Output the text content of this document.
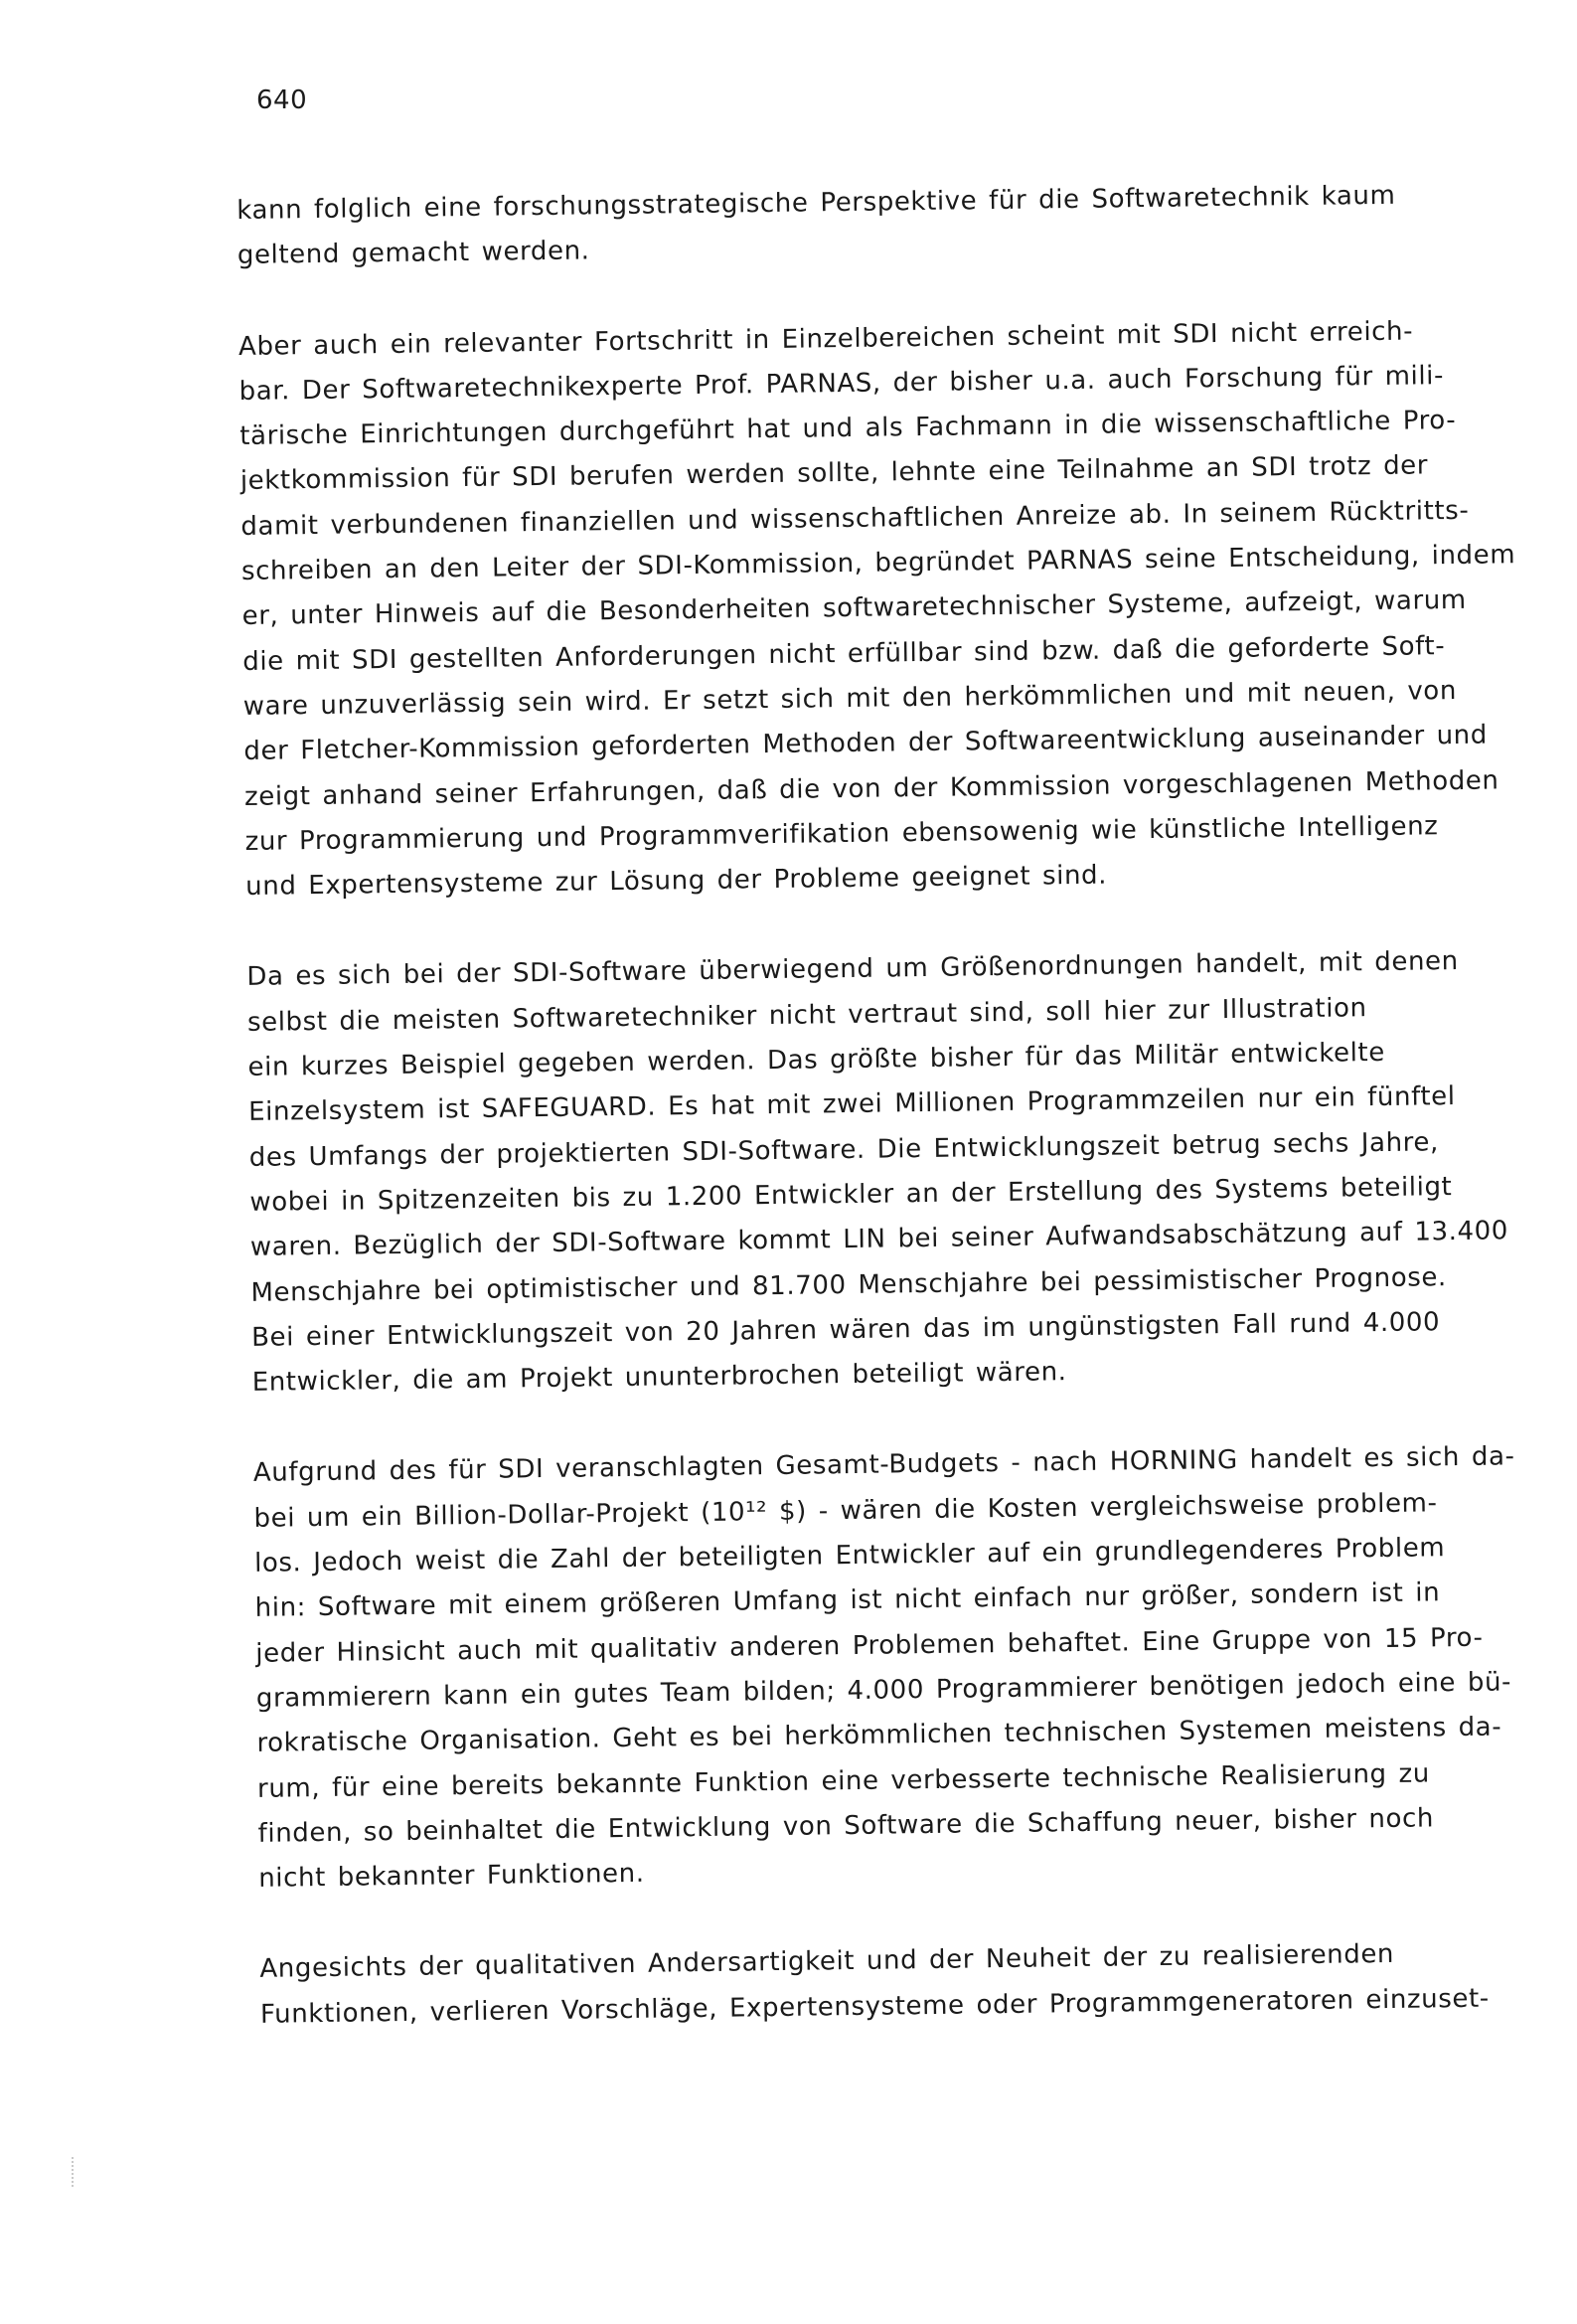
640
kann folglich eine forschungsstrategische Perspektive für die Softwaretechnik kaum
geltend gemacht werden.
Aber auch ein relevanter Fortschritt in Einzelbereichen scheint mit SDI nicht erreich-
bar. Der Softwaretechnikexperte Prof. PARNAS, der bisher u.a. auch Forschung für mili-
tärische Einrichtungen durchgeführt hat und als Fachmann in die wissenschaftliche Pro-
jektkommission für SDI berufen werden sollte, lehnte eine Teilnahme an SDI trotz der
damit verbundenen finanziellen und wissenschaftlichen Anreize ab. In seinem Rücktritts-
schreiben an den Leiter der SDI-Kommission, begründet PARNAS seine Entscheidung, indem
er, unter Hinweis auf die Besonderheiten softwaretechnischer Systeme, aufzeigt, warum
die mit SDI gestellten Anforderungen nicht erfüllbar sind bzw. daß die geforderte Soft-
ware unzuverlässig sein wird. Er setzt sich mit den herkömmlichen und mit neuen, von
der Fletcher-Kommission geforderten Methoden der Softwareentwicklung auseinander und
zeigt anhand seiner Erfahrungen, daß die von der Kommission vorgeschlagenen Methoden
zur Programmierung und Programmverifikation ebensowenig wie künstliche Intelligenz
und Expertensysteme zur Lösung der Probleme geeignet sind.
Da es sich bei der SDI-Software überwiegend um Größenordnungen handelt, mit denen
selbst die meisten Softwaretechniker nicht vertraut sind, soll hier zur Illustration
ein kurzes Beispiel gegeben werden. Das größte bisher für das Militär entwickelte
Einzelsystem ist SAFEGUARD. Es hat mit zwei Millionen Programmzeilen nur ein fünftel
des Umfangs der projektierten SDI-Software. Die Entwicklungszeit betrug sechs Jahre,
wobei in Spitzenzeiten bis zu 1.200 Entwickler an der Erstellung des Systems beteiligt
waren. Bezüglich der SDI-Software kommt LIN bei seiner Aufwandsabschätzung auf 13.400
Menschjahre bei optimistischer und 81.700 Menschjahre bei pessimistischer Prognose.
Bei einer Entwicklungszeit von 20 Jahren wären das im ungünstigsten Fall rund 4.000
Entwickler, die am Projekt ununterbrochen beteiligt wären.
Aufgrund des für SDI veranschlagten Gesamt-Budgets - nach HORNING handelt es sich da-
bei um ein Billion-Dollar-Projekt (10¹² $) - wären die Kosten vergleichsweise problem-
los. Jedoch weist die Zahl der beteiligten Entwickler auf ein grundlegenderes Problem
hin: Software mit einem größeren Umfang ist nicht einfach nur größer, sondern ist in
jeder Hinsicht auch mit qualitativ anderen Problemen behaftet. Eine Gruppe von 15 Pro-
grammierern kann ein gutes Team bilden; 4.000 Programmierer benötigen jedoch eine bü-
rokratische Organisation. Geht es bei herkömmlichen technischen Systemen meistens da-
rum, für eine bereits bekannte Funktion eine verbesserte technische Realisierung zu
finden, so beinhaltet die Entwicklung von Software die Schaffung neuer, bisher noch
nicht bekannter Funktionen.
Angesichts der qualitativen Andersartigkeit und der Neuheit der zu realisierenden
Funktionen, verlieren Vorschläge, Expertensysteme oder Programmgeneratoren einzuset-
